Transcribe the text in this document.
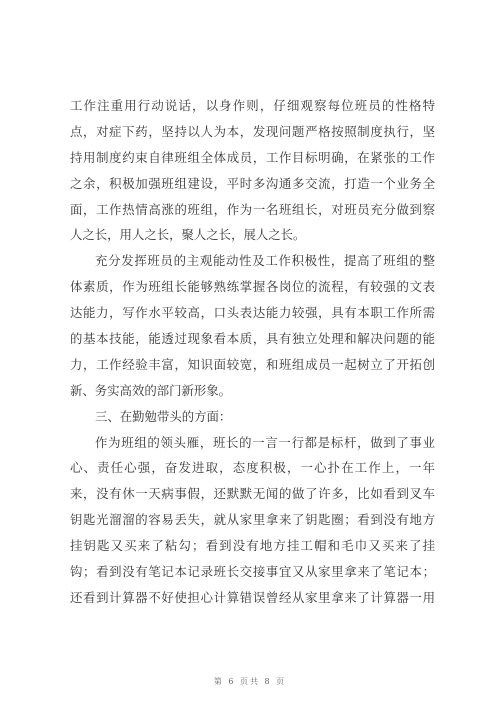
工作注重用行动说话，以身作则，仔细观察每位班员的性格特
点，对症下药，坚持以人为本，发现问题严格按照制度执行，坚
持用制度约束自律班组全体成员，工作目标明确，在紧张的工作
之余，积极加强班组建设，平时多沟通多交流，打造一个业务全
面，工作热情高涨的班组，作为一名班组长，对班员充分做到察
人之长，用人之长，聚人之长，展人之长。
充分发挥班员的主观能动性及工作积极性，提高了班组的整
体素质，作为班组长能够熟练掌握各岗位的流程，有较强的文表
达能力，写作水平较高，口头表达能力较强，具有本职工作所需
的基本技能，能透过现象看本质，具有独立处理和解决问题的能
力，工作经验丰富，知识面较宽，和班组成员一起树立了开拓创
新、务实高效的部门新形象。
三、在勤勉带头的方面：
作为班组的领头雁，班长的一言一行都是标杆，做到了事业
心、责任心强，奋发进取，态度积极，一心扑在工作上，一年
来，没有休一天病事假，还默默无闻的做了许多，比如看到叉车
钥匙光溜溜的容易丢失，就从家里拿来了钥匙圈；看到没有地方
挂钥匙又买来了粘勾；看到没有地方挂工帽和毛巾又买来了挂
钩；看到没有笔记本记录班长交接事宜又从家里拿来了笔记本；
还看到计算器不好使担心计算错误曾经从家里拿来了计算器一用
第 6 页共 8 页
